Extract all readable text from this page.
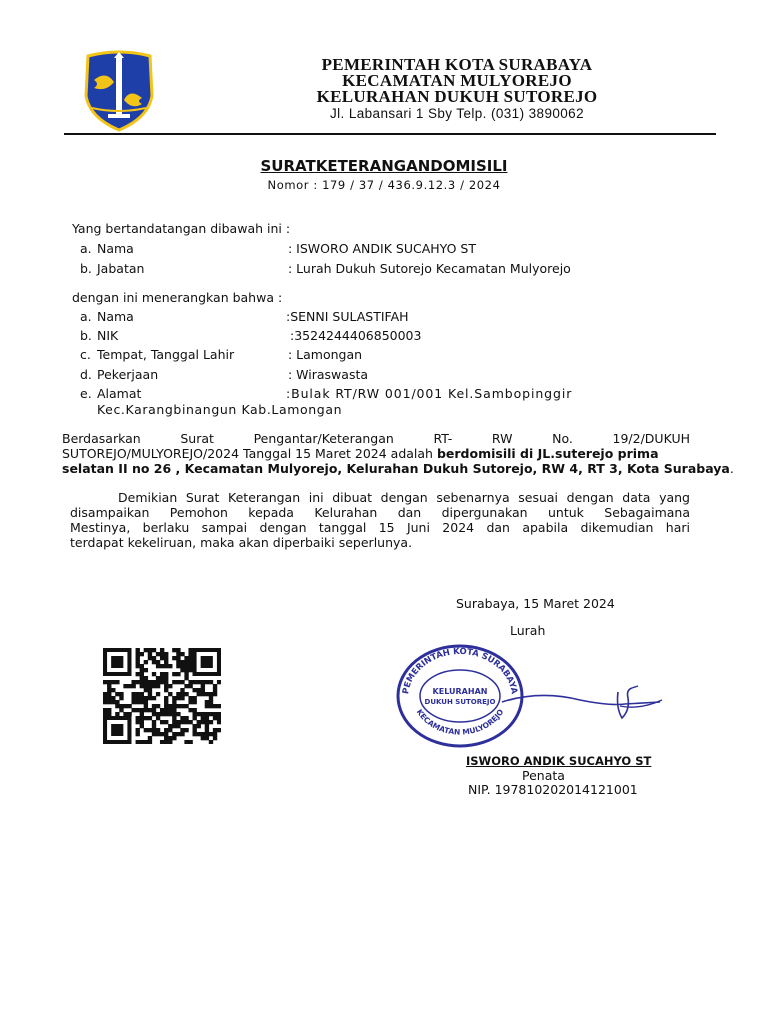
PEMERINTAH KOTA SURABAYA
KECAMATAN MULYOREJO
KELURAHAN DUKUH SUTOREJO
Jl. Labansari 1 Sby Telp. (031) 3890062
SURATKETERANGANDOMISILI
Nomor : 179 / 37 / 436.9.12.3 / 2024
Yang bertandatangan dibawah ini :
a. Nama	: ISWORO ANDIK SUCAHYO ST
b. Jabatan	: Lurah Dukuh Sutorejo Kecamatan Mulyorejo
dengan ini menerangkan bahwa :
a. Nama	:SENNI SULASTIFAH
b. NIK	:3524244406850003
c. Tempat, Tanggal Lahir	: Lamongan
d. Pekerjaan	: Wiraswasta
e. Alamat	:Bulak RT/RW 001/001 Kel.Sambopinggir
Kec.Karangbinangun Kab.Lamongan
Berdasarkan Surat Pengantar/Keterangan RT- RW No. 19/2/DUKUH
SUTOREJO/MULYOREJO/2024 Tanggal 15 Maret 2024 adalah berdomisili di JL.suterejo prima
selatan II no 26 , Kecamatan Mulyorejo, Kelurahan Dukuh Sutorejo, RW 4, RT 3, Kota Surabaya.
Demikian Surat Keterangan ini dibuat dengan sebenarnya sesuai dengan data yang
disampaikan Pemohon kepada Kelurahan dan dipergunakan untuk Sebagaimana
Mestinya, berlaku sampai dengan tanggal 15 Juni 2024 dan apabila dikemudian hari
terdapat kekeliruan, maka akan diperbaiki seperlunya.
Surabaya, 15 Maret 2024
Lurah
PEMERINTAH KOTA SURABAYA
KECAMATAN MULYOREJO
KELURAHAN
DUKUH SUTOREJO
ISWORO ANDIK SUCAHYO ST
Penata
NIP. 197810202014121001
